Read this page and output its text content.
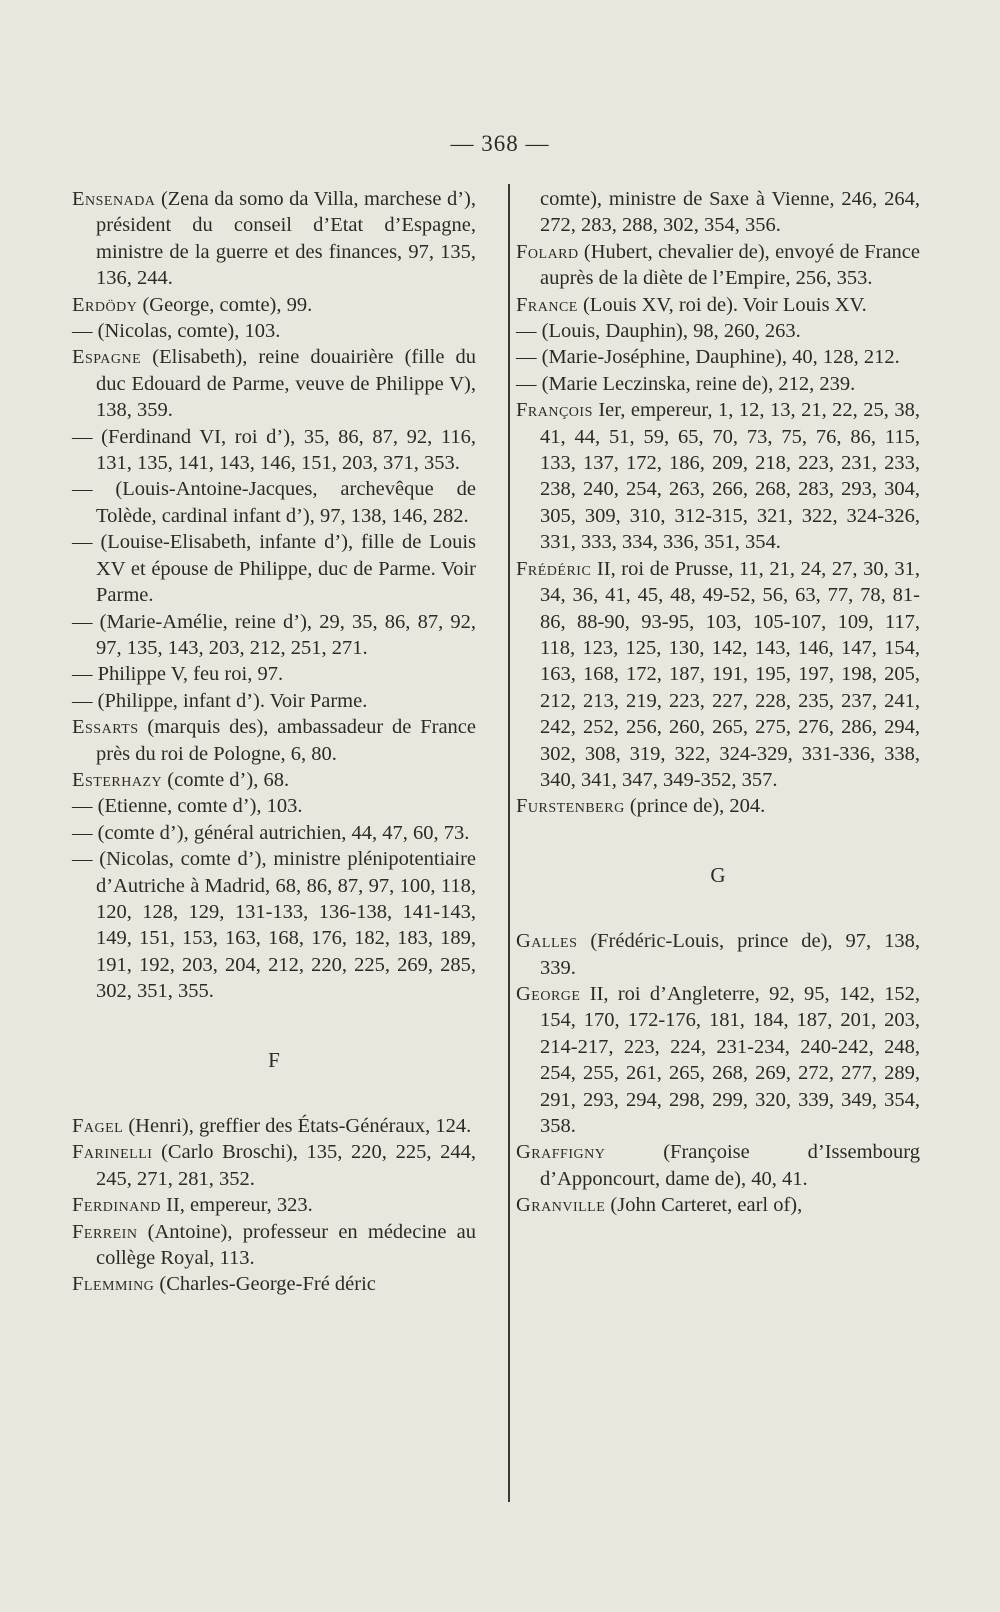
— 368 —
Ensenada (Zena da somo da Villa, marchese d’), président du conseil d’Etat d’Espagne, ministre de la guerre et des finances, 97, 135, 136, 244.
Erdödy (George, comte), 99.
— (Nicolas, comte), 103.
Espagne (Elisabeth), reine douairière (fille du duc Edouard de Parme, veuve de Philippe V), 138, 359.
— (Ferdinand VI, roi d’), 35, 86, 87, 92, 116, 131, 135, 141, 143, 146, 151, 203, 371, 353.
— (Louis-Antoine-Jacques, archevêque de Tolède, cardinal infant d’), 97, 138, 146, 282.
— (Louise-Elisabeth, infante d’), fille de Louis XV et épouse de Philippe, duc de Parme. Voir Parme.
— (Marie-Amélie, reine d’), 29, 35, 86, 87, 92, 97, 135, 143, 203, 212, 251, 271.
— Philippe V, feu roi, 97.
— (Philippe, infant d’). Voir Parme.
Essarts (marquis des), ambassadeur de France près du roi de Pologne, 6, 80.
Esterhazy (comte d’), 68.
— (Etienne, comte d’), 103.
— (comte d’), général autrichien, 44, 47, 60, 73.
— (Nicolas, comte d’), ministre plénipotentiaire d’Autriche à Madrid, 68, 86, 87, 97, 100, 118, 120, 128, 129, 131-133, 136-138, 141-143, 149, 151, 153, 163, 168, 176, 182, 183, 189, 191, 192, 203, 204, 212, 220, 225, 269, 285, 302, 351, 355.
F
Fagel (Henri), greffier des États-Généraux, 124.
Farinelli (Carlo Broschi), 135, 220, 225, 244, 245, 271, 281, 352.
Ferdinand II, empereur, 323.
Ferrein (Antoine), professeur en médecine au collège Royal, 113.
Flemming (Charles-George-Fré déric
comte), ministre de Saxe à Vienne, 246, 264, 272, 283, 288, 302, 354, 356.
Folard (Hubert, chevalier de), envoyé de France auprès de la diète de l’Empire, 256, 353.
France (Louis XV, roi de). Voir Louis XV.
— (Louis, Dauphin), 98, 260, 263.
— (Marie-Joséphine, Dauphine), 40, 128, 212.
— (Marie Leczinska, reine de), 212, 239.
François Ier, empereur, 1, 12, 13, 21, 22, 25, 38, 41, 44, 51, 59, 65, 70, 73, 75, 76, 86, 115, 133, 137, 172, 186, 209, 218, 223, 231, 233, 238, 240, 254, 263, 266, 268, 283, 293, 304, 305, 309, 310, 312-315, 321, 322, 324-326, 331, 333, 334, 336, 351, 354.
Frédéric II, roi de Prusse, 11, 21, 24, 27, 30, 31, 34, 36, 41, 45, 48, 49-52, 56, 63, 77, 78, 81-86, 88-90, 93-95, 103, 105-107, 109, 117, 118, 123, 125, 130, 142, 143, 146, 147, 154, 163, 168, 172, 187, 191, 195, 197, 198, 205, 212, 213, 219, 223, 227, 228, 235, 237, 241, 242, 252, 256, 260, 265, 275, 276, 286, 294, 302, 308, 319, 322, 324-329, 331-336, 338, 340, 341, 347, 349-352, 357.
Furstenberg (prince de), 204.
G
Galles (Frédéric-Louis, prince de), 97, 138, 339.
George II, roi d’Angleterre, 92, 95, 142, 152, 154, 170, 172-176, 181, 184, 187, 201, 203, 214-217, 223, 224, 231-234, 240-242, 248, 254, 255, 261, 265, 268, 269, 272, 277, 289, 291, 293, 294, 298, 299, 320, 339, 349, 354, 358.
Graffigny (Françoise d’Issembourg d’Apponcourt, dame de), 40, 41.
Granville (John Carteret, earl of),
